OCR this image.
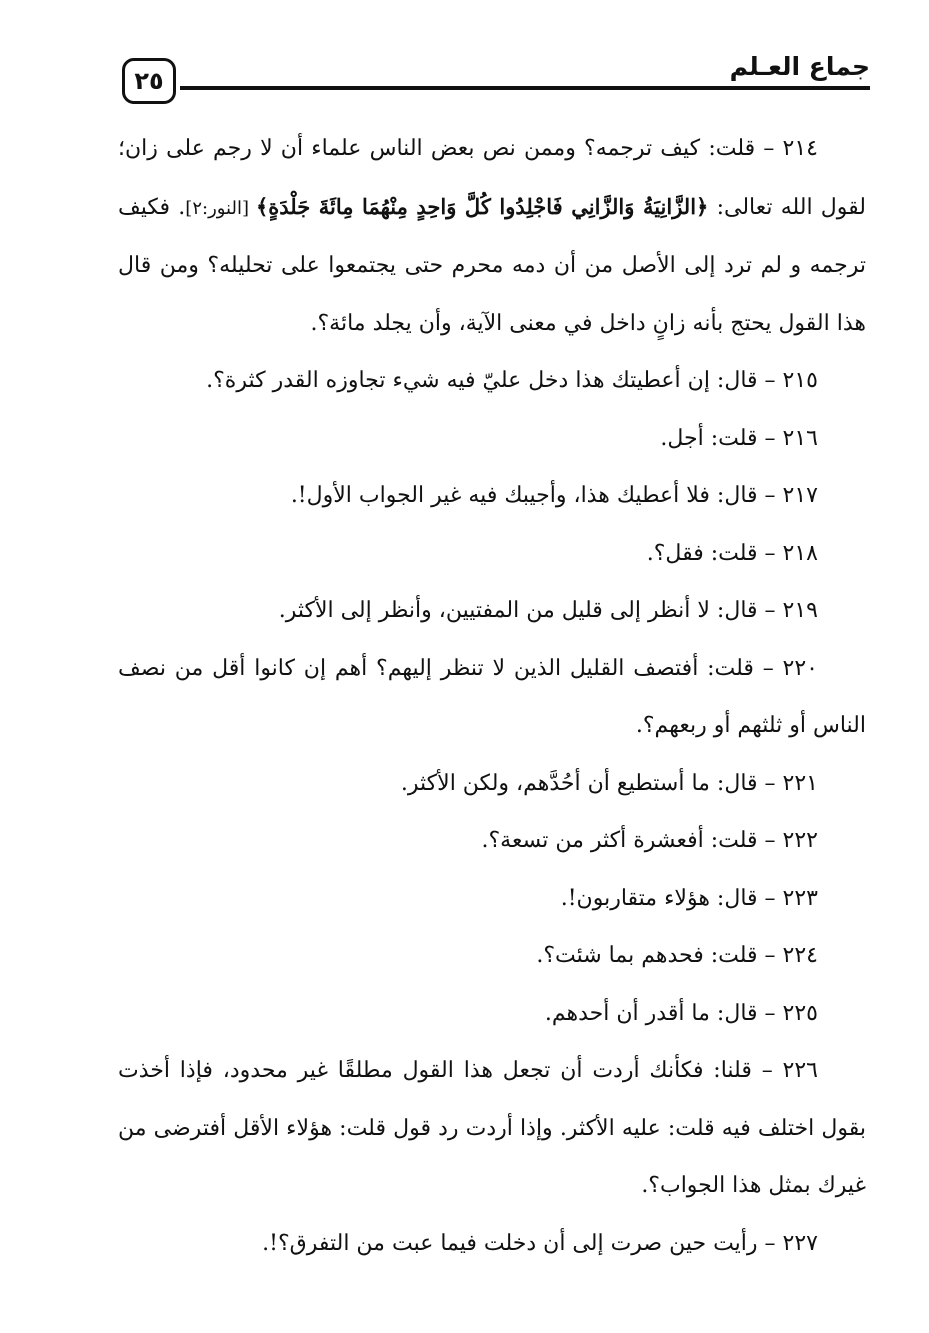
جماع العـلم
٢٥

٢١٤ – قلت: كيف ترجمه؟ وممن نص بعض الناس علماء أن لا رجم على زان؛ لقول الله تعالى: ﴿الزَّانِيَةُ وَالزَّانِي فَاجْلِدُوا كُلَّ وَاحِدٍ مِنْهُمَا مِائَةَ جَلْدَةٍ﴾ [النور:٢]. فكيف ترجمه و لم ترد إلى الأصل من أن دمه محرم حتى يجتمعوا على تحليله؟ ومن قال هذا القول يحتج بأنه زانٍ داخل في معنى الآية، وأن يجلد مائة؟.

٢١٥ – قال: إن أعطيتك هذا دخل عليّ فيه شيء تجاوزه القدر كثرة؟.

٢١٦ – قلت: أجل.

٢١٧ – قال: فلا أعطيك هذا، وأجيبك فيه غير الجواب الأول!.

٢١٨ – قلت: فقل؟.

٢١٩ – قال: لا أنظر إلى قليل من المفتيين، وأنظر إلى الأكثر.

٢٢٠ – قلت: أفتصف القليل الذين لا تنظر إليهم؟ أهم إن كانوا أقل من نصف الناس أو ثلثهم أو ربعهم؟.

٢٢١ – قال: ما أستطيع أن أحُدَّهم، ولكن الأكثر.

٢٢٢ – قلت: أفعشرة أكثر من تسعة؟.

٢٢٣ – قال: هؤلاء متقاربون!.

٢٢٤ – قلت: فحدهم بما شئت؟.

٢٢٥ – قال: ما أقدر أن أحدهم.

٢٢٦ – قلنا: فكأنك أردت أن تجعل هذا القول مطلقًا غير محدود، فإذا أخذت بقول اختلف فيه قلت: عليه الأكثر. وإذا أردت رد قول قلت: هؤلاء الأقل أفترضى من غيرك بمثل هذا الجواب؟.

٢٢٧ – رأيت حين صرت إلى أن دخلت فيما عبت من التفرق؟!.
